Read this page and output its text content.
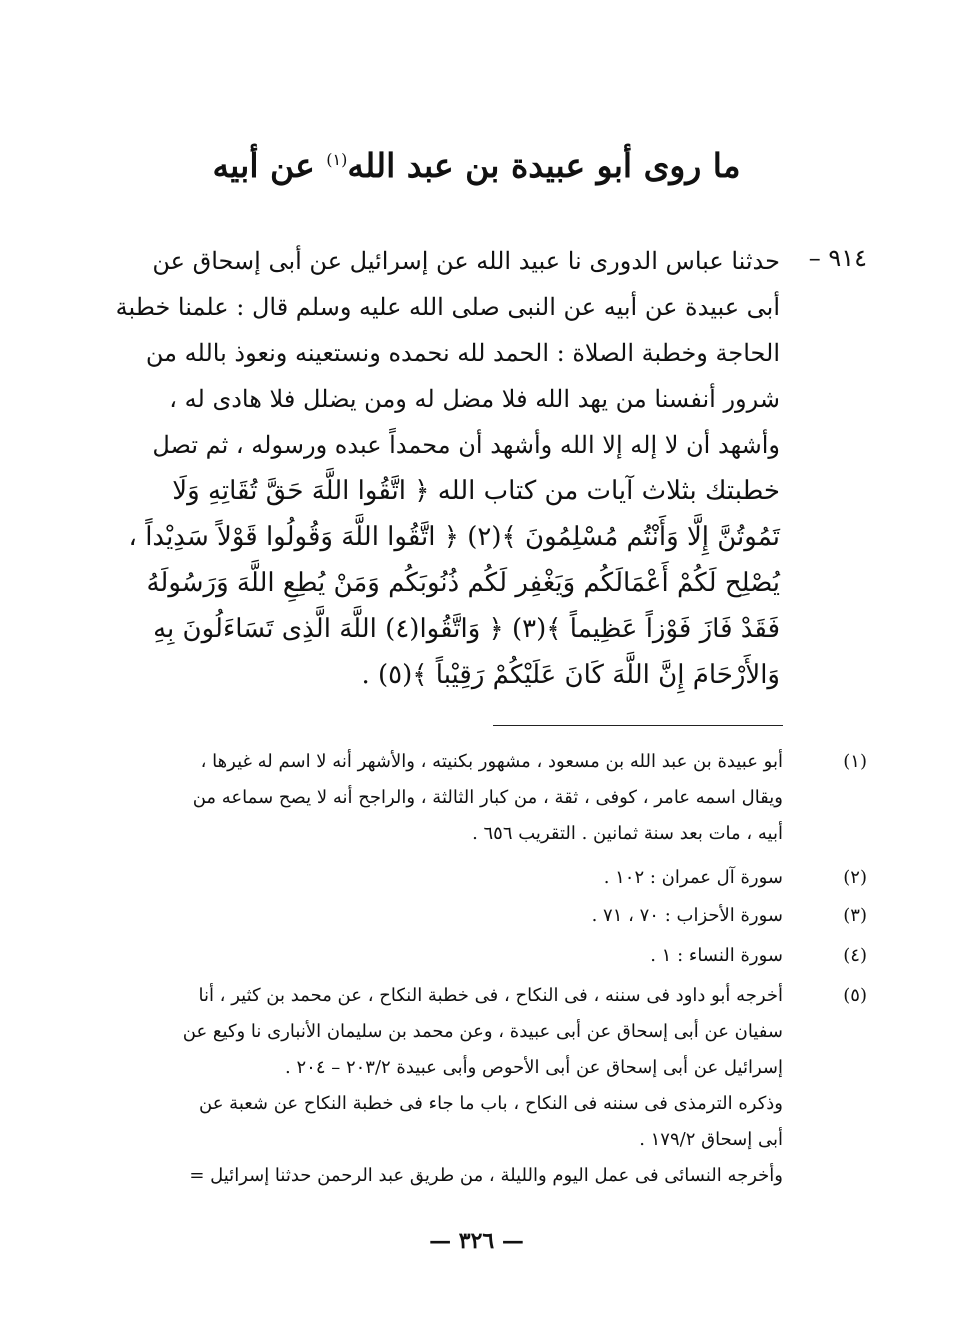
ما روى أبو عبيدة بن عبد الله$^{(١)}$ عن أبيه
٩١٤ –
حدثنا عباس الدورى نا عبيد الله عن إسرائيل عن أبى إسحاق عن
أبى عبيدة عن أبيه عن النبى صلى الله عليه وسلم قال : علمنا خطبة
الحاجة وخطبة الصلاة : الحمد لله نحمده ونستعينه ونعوذ بالله من
شرور أنفسنا من يهد الله فلا مضل له ومن يضلل فلا هادى له ،
وأشهد أن لا إله إلا الله وأشهد أن محمداً عبده ورسوله ، ثم تصل
خطبتك بثلاث آيات من كتاب الله ﴿ اتَّقُوا اللَّهَ حَقَّ تُقَاتِهِ وَلَا
تَمُوتُنَّ إِلَّا وَأَنْتُم مُسْلِمُونَ ﴾(٢) ﴿ اتَّقُوا اللَّهَ وَقُولُوا قَوْلاً سَدِيْداً ،
يُصْلِح لَكُمْ أَعْمَالَكُم وَيَغْفِر لَكُم ذُنُوبَكُم وَمَنْ يُطِعِ اللَّهَ وَرَسُولَهُ
فَقَدْ فَازَ فَوْزاً عَظِيماً ﴾(٣) ﴿ وَاتَّقُوا(٤) اللَّهَ الَّذِى تَسَاءَلُونَ بِهِ
وَالأَرْحَامَ إِنَّ اللَّهَ كَانَ عَلَيْكُمْ رَقِيْباً ﴾(٥) .
(١)
أبو عبيدة بن عبد الله بن مسعود ، مشهور بكنيته ، والأشهر أنه لا اسم له غيرها ،
ويقال اسمه عامر ، كوفى ، ثقة ، من كبار الثالثة ، والراجح أنه لا يصح سماعه من
أبيه ، مات بعد سنة ثمانين . التقريب ٦٥٦ .
(٢)
سورة آل عمران : ١٠٢ .
(٣)
سورة الأحزاب : ٧٠ ، ٧١ .
(٤)
سورة النساء : ١ .
(٥)
أخرجه أبو داود فى سننه ، فى النكاح ، فى خطبة النكاح ، عن محمد بن كثير ، أنا
سفيان عن أبى إسحاق عن أبى عبيدة ، وعن محمد بن سليمان الأنبارى نا وكيع عن
إسرائيل عن أبى إسحاق عن أبى الأحوص وأبى عبيدة ٢٠٣/٢ – ٢٠٤ .
وذكره الترمذى فى سننه فى النكاح ، باب ما جاء فى خطبة النكاح عن شعبة عن
أبى إسحاق ١٧٩/٢ .
وأخرجه النسائى فى عمل اليوم والليلة ، من طريق عبد الرحمن حدثنا إسرائيل =
— ٣٢٦ —
